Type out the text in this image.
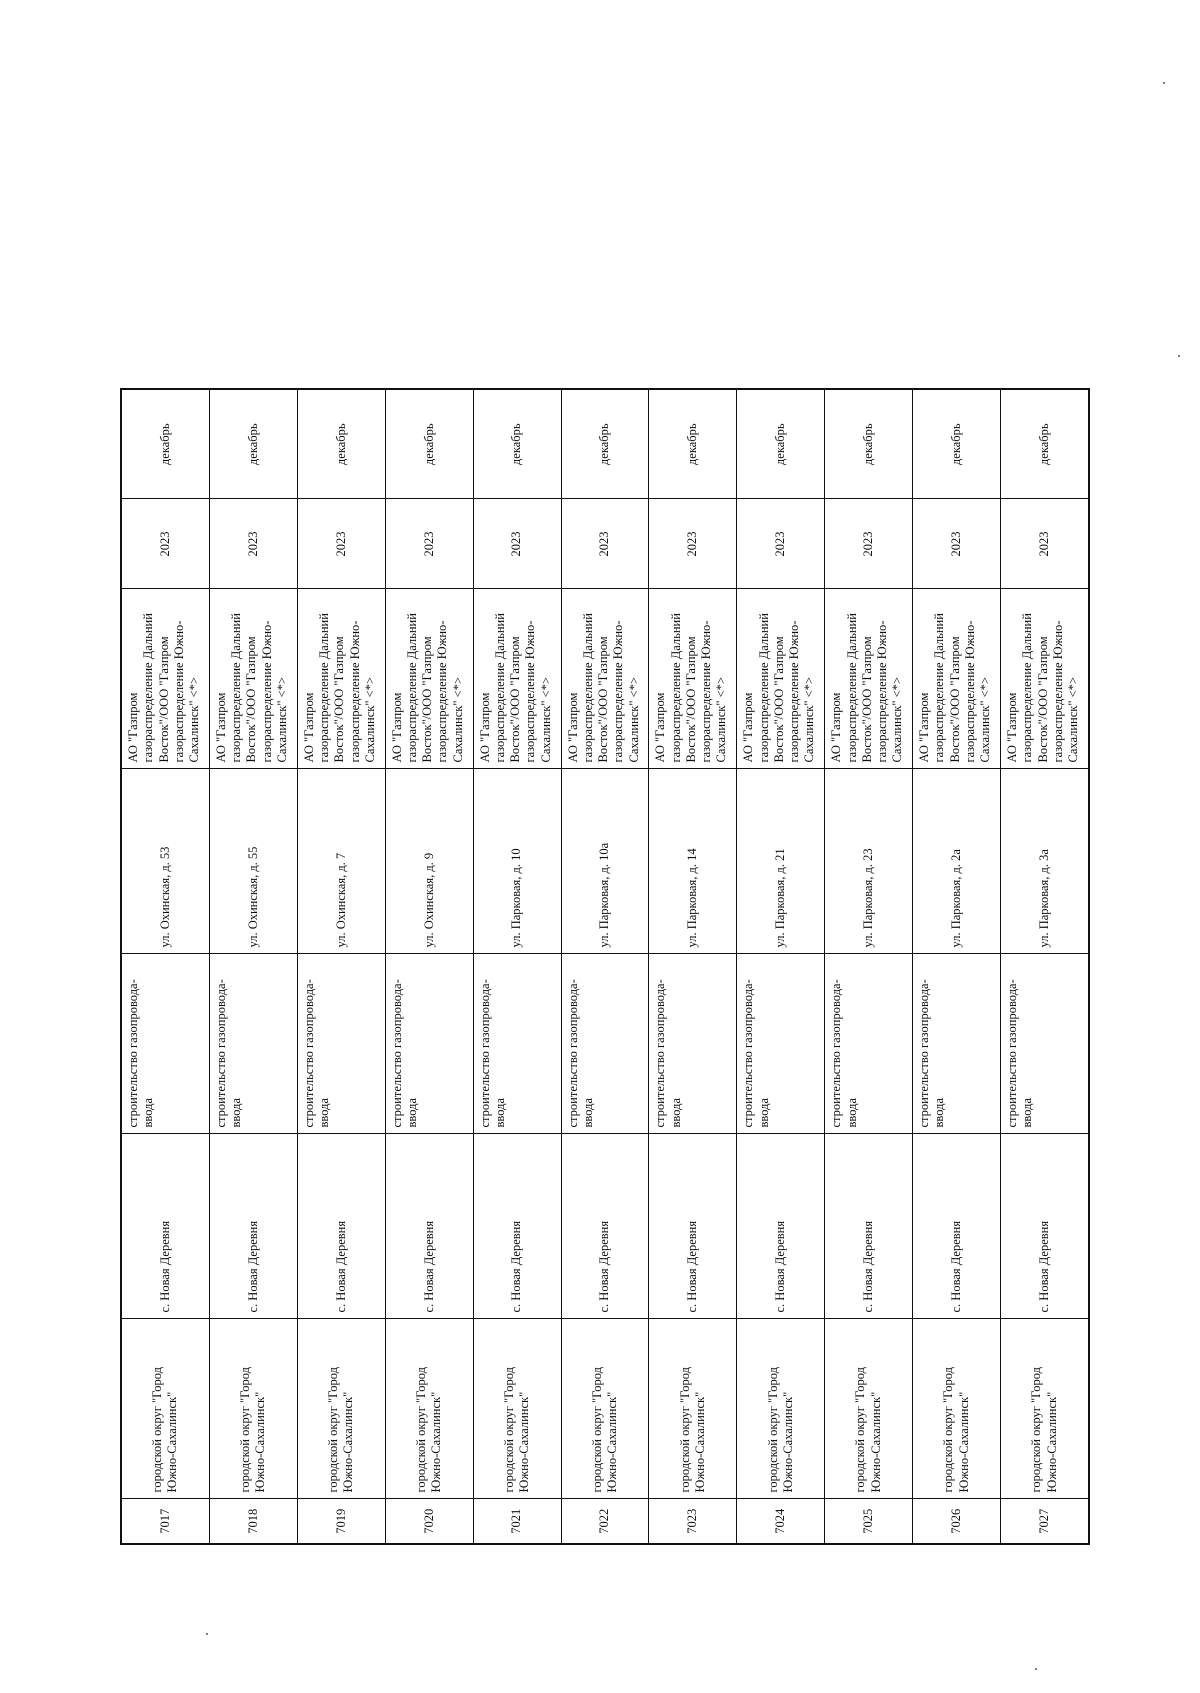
7017	городской округ "Город Южно-Сахалинск"	с. Новая Деревня	строительство газопровода-ввода	ул. Охинская, д. 53	АО "Газпром газораспределение Дальний Восток"/ООО "Газпром газораспределение Южно-Сахалинск" <*>	2023	декабрь
7018	городской округ "Город Южно-Сахалинск"	с. Новая Деревня	строительство газопровода-ввода	ул. Охинская, д. 55	АО "Газпром газораспределение Дальний Восток"/ООО "Газпром газораспределение Южно-Сахалинск" <*>	2023	декабрь
7019	городской округ "Город Южно-Сахалинск"	с. Новая Деревня	строительство газопровода-ввода	ул. Охинская, д. 7	АО "Газпром газораспределение Дальний Восток"/ООО "Газпром газораспределение Южно-Сахалинск" <*>	2023	декабрь
7020	городской округ "Город Южно-Сахалинск"	с. Новая Деревня	строительство газопровода-ввода	ул. Охинская, д. 9	АО "Газпром газораспределение Дальний Восток"/ООО "Газпром газораспределение Южно-Сахалинск" <*>	2023	декабрь
7021	городской округ "Город Южно-Сахалинск"	с. Новая Деревня	строительство газопровода-ввода	ул. Парковая, д. 10	АО "Газпром газораспределение Дальний Восток"/ООО "Газпром газораспределение Южно-Сахалинск" <*>	2023	декабрь
7022	городской округ "Город Южно-Сахалинск"	с. Новая Деревня	строительство газопровода-ввода	ул. Парковая, д. 10а	АО "Газпром газораспределение Дальний Восток"/ООО "Газпром газораспределение Южно-Сахалинск" <*>	2023	декабрь
7023	городской округ "Город Южно-Сахалинск"	с. Новая Деревня	строительство газопровода-ввода	ул. Парковая, д. 14	АО "Газпром газораспределение Дальний Восток"/ООО "Газпром газораспределение Южно-Сахалинск" <*>	2023	декабрь
7024	городской округ "Город Южно-Сахалинск"	с. Новая Деревня	строительство газопровода-ввода	ул. Парковая, д. 21	АО "Газпром газораспределение Дальний Восток"/ООО "Газпром газораспределение Южно-Сахалинск" <*>	2023	декабрь
7025	городской округ "Город Южно-Сахалинск"	с. Новая Деревня	строительство газопровода-ввода	ул. Парковая, д. 23	АО "Газпром газораспределение Дальний Восток"/ООО "Газпром газораспределение Южно-Сахалинск" <*>	2023	декабрь
7026	городской округ "Город Южно-Сахалинск"	с. Новая Деревня	строительство газопровода-ввода	ул. Парковая, д. 2а	АО "Газпром газораспределение Дальний Восток"/ООО "Газпром газораспределение Южно-Сахалинск" <*>	2023	декабрь
7027	городской округ "Город Южно-Сахалинск"	с. Новая Деревня	строительство газопровода-ввода	ул. Парковая, д. 3а	АО "Газпром газораспределение Дальний Восток"/ООО "Газпром газораспределение Южно-Сахалинск" <*>	2023	декабрь
